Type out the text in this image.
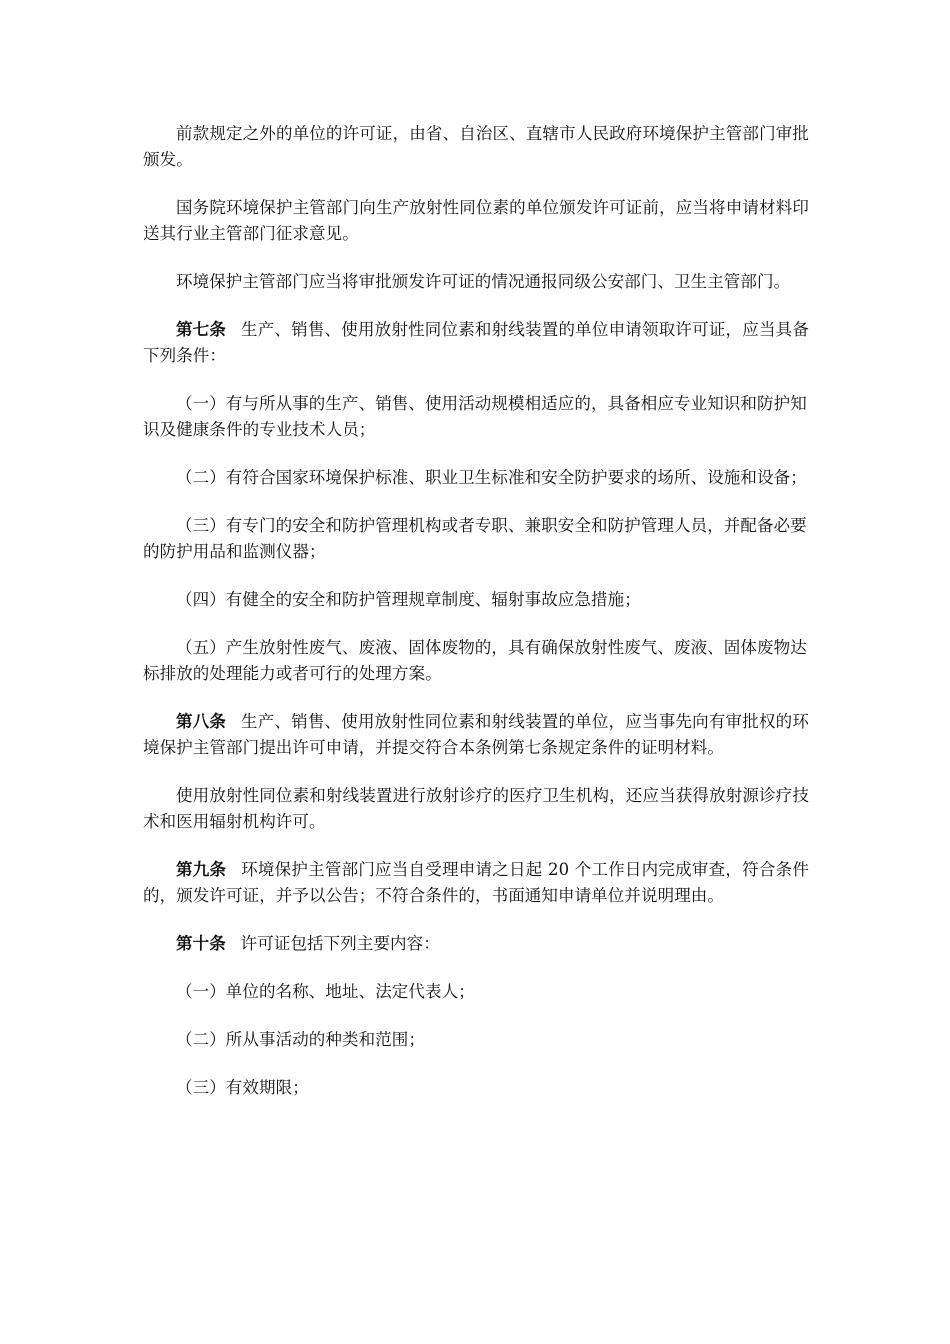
前款规定之外的单位的许可证，由省、自治区、直辖市人民政府环境保护主管部门审批颁发。

国务院环境保护主管部门向生产放射性同位素的单位颁发许可证前，应当将申请材料印送其行业主管部门征求意见。

环境保护主管部门应当将审批颁发许可证的情况通报同级公安部门、卫生主管部门。

第七条 生产、销售、使用放射性同位素和射线装置的单位申请领取许可证，应当具备下列条件：

（一）有与所从事的生产、销售、使用活动规模相适应的，具备相应专业知识和防护知识及健康条件的专业技术人员；

（二）有符合国家环境保护标准、职业卫生标准和安全防护要求的场所、设施和设备；

（三）有专门的安全和防护管理机构或者专职、兼职安全和防护管理人员，并配备必要的防护用品和监测仪器；

（四）有健全的安全和防护管理规章制度、辐射事故应急措施；

（五）产生放射性废气、废液、固体废物的，具有确保放射性废气、废液、固体废物达标排放的处理能力或者可行的处理方案。

第八条 生产、销售、使用放射性同位素和射线装置的单位，应当事先向有审批权的环境保护主管部门提出许可申请，并提交符合本条例第七条规定条件的证明材料。

使用放射性同位素和射线装置进行放射诊疗的医疗卫生机构，还应当获得放射源诊疗技术和医用辐射机构许可。

第九条 环境保护主管部门应当自受理申请之日起 20 个工作日内完成审查，符合条件的，颁发许可证，并予以公告；不符合条件的，书面通知申请单位并说明理由。

第十条 许可证包括下列主要内容：

（一）单位的名称、地址、法定代表人；

（二）所从事活动的种类和范围；

（三）有效期限；
